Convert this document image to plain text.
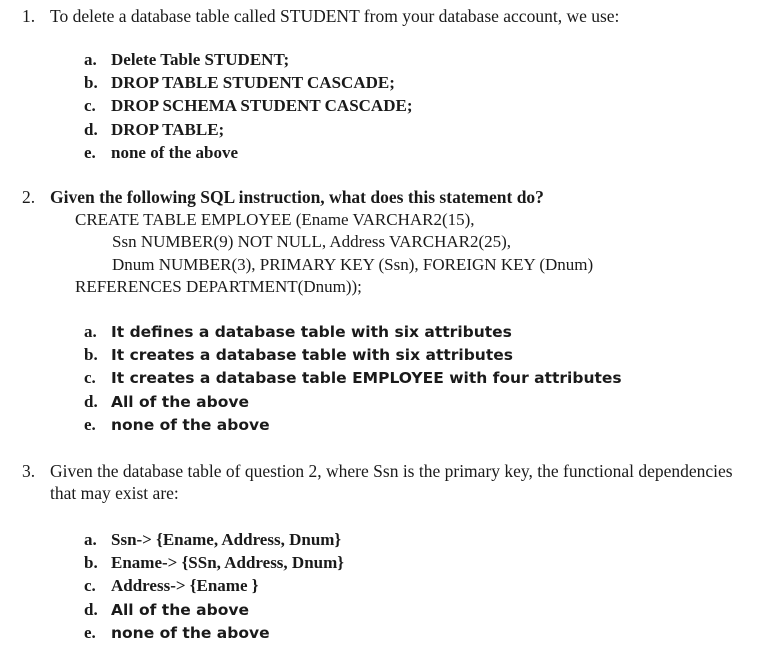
1. To delete a database table called STUDENT from your database account, we use:
a. Delete Table STUDENT;
b. DROP TABLE STUDENT CASCADE;
c. DROP SCHEMA STUDENT CASCADE;
d. DROP TABLE;
e. none of the above
2. Given the following SQL instruction, what does this statement do?
CREATE TABLE EMPLOYEE (Ename VARCHAR2(15),
Ssn NUMBER(9) NOT NULL, Address VARCHAR2(25),
Dnum NUMBER(3), PRIMARY KEY (Ssn), FOREIGN KEY (Dnum)
REFERENCES DEPARTMENT(Dnum));
a. It defines a database table with six attributes
b. It creates a database table with six attributes
c. It creates a database table EMPLOYEE with four attributes
d. All of the above
e. none of the above
3. Given the database table of question 2, where Ssn is the primary key, the functional dependencies that may exist are:
a. Ssn-> {Ename, Address, Dnum}
b. Ename-> {SSn, Address, Dnum}
c. Address-> {Ename }
d. All of the above
e. none of the above
